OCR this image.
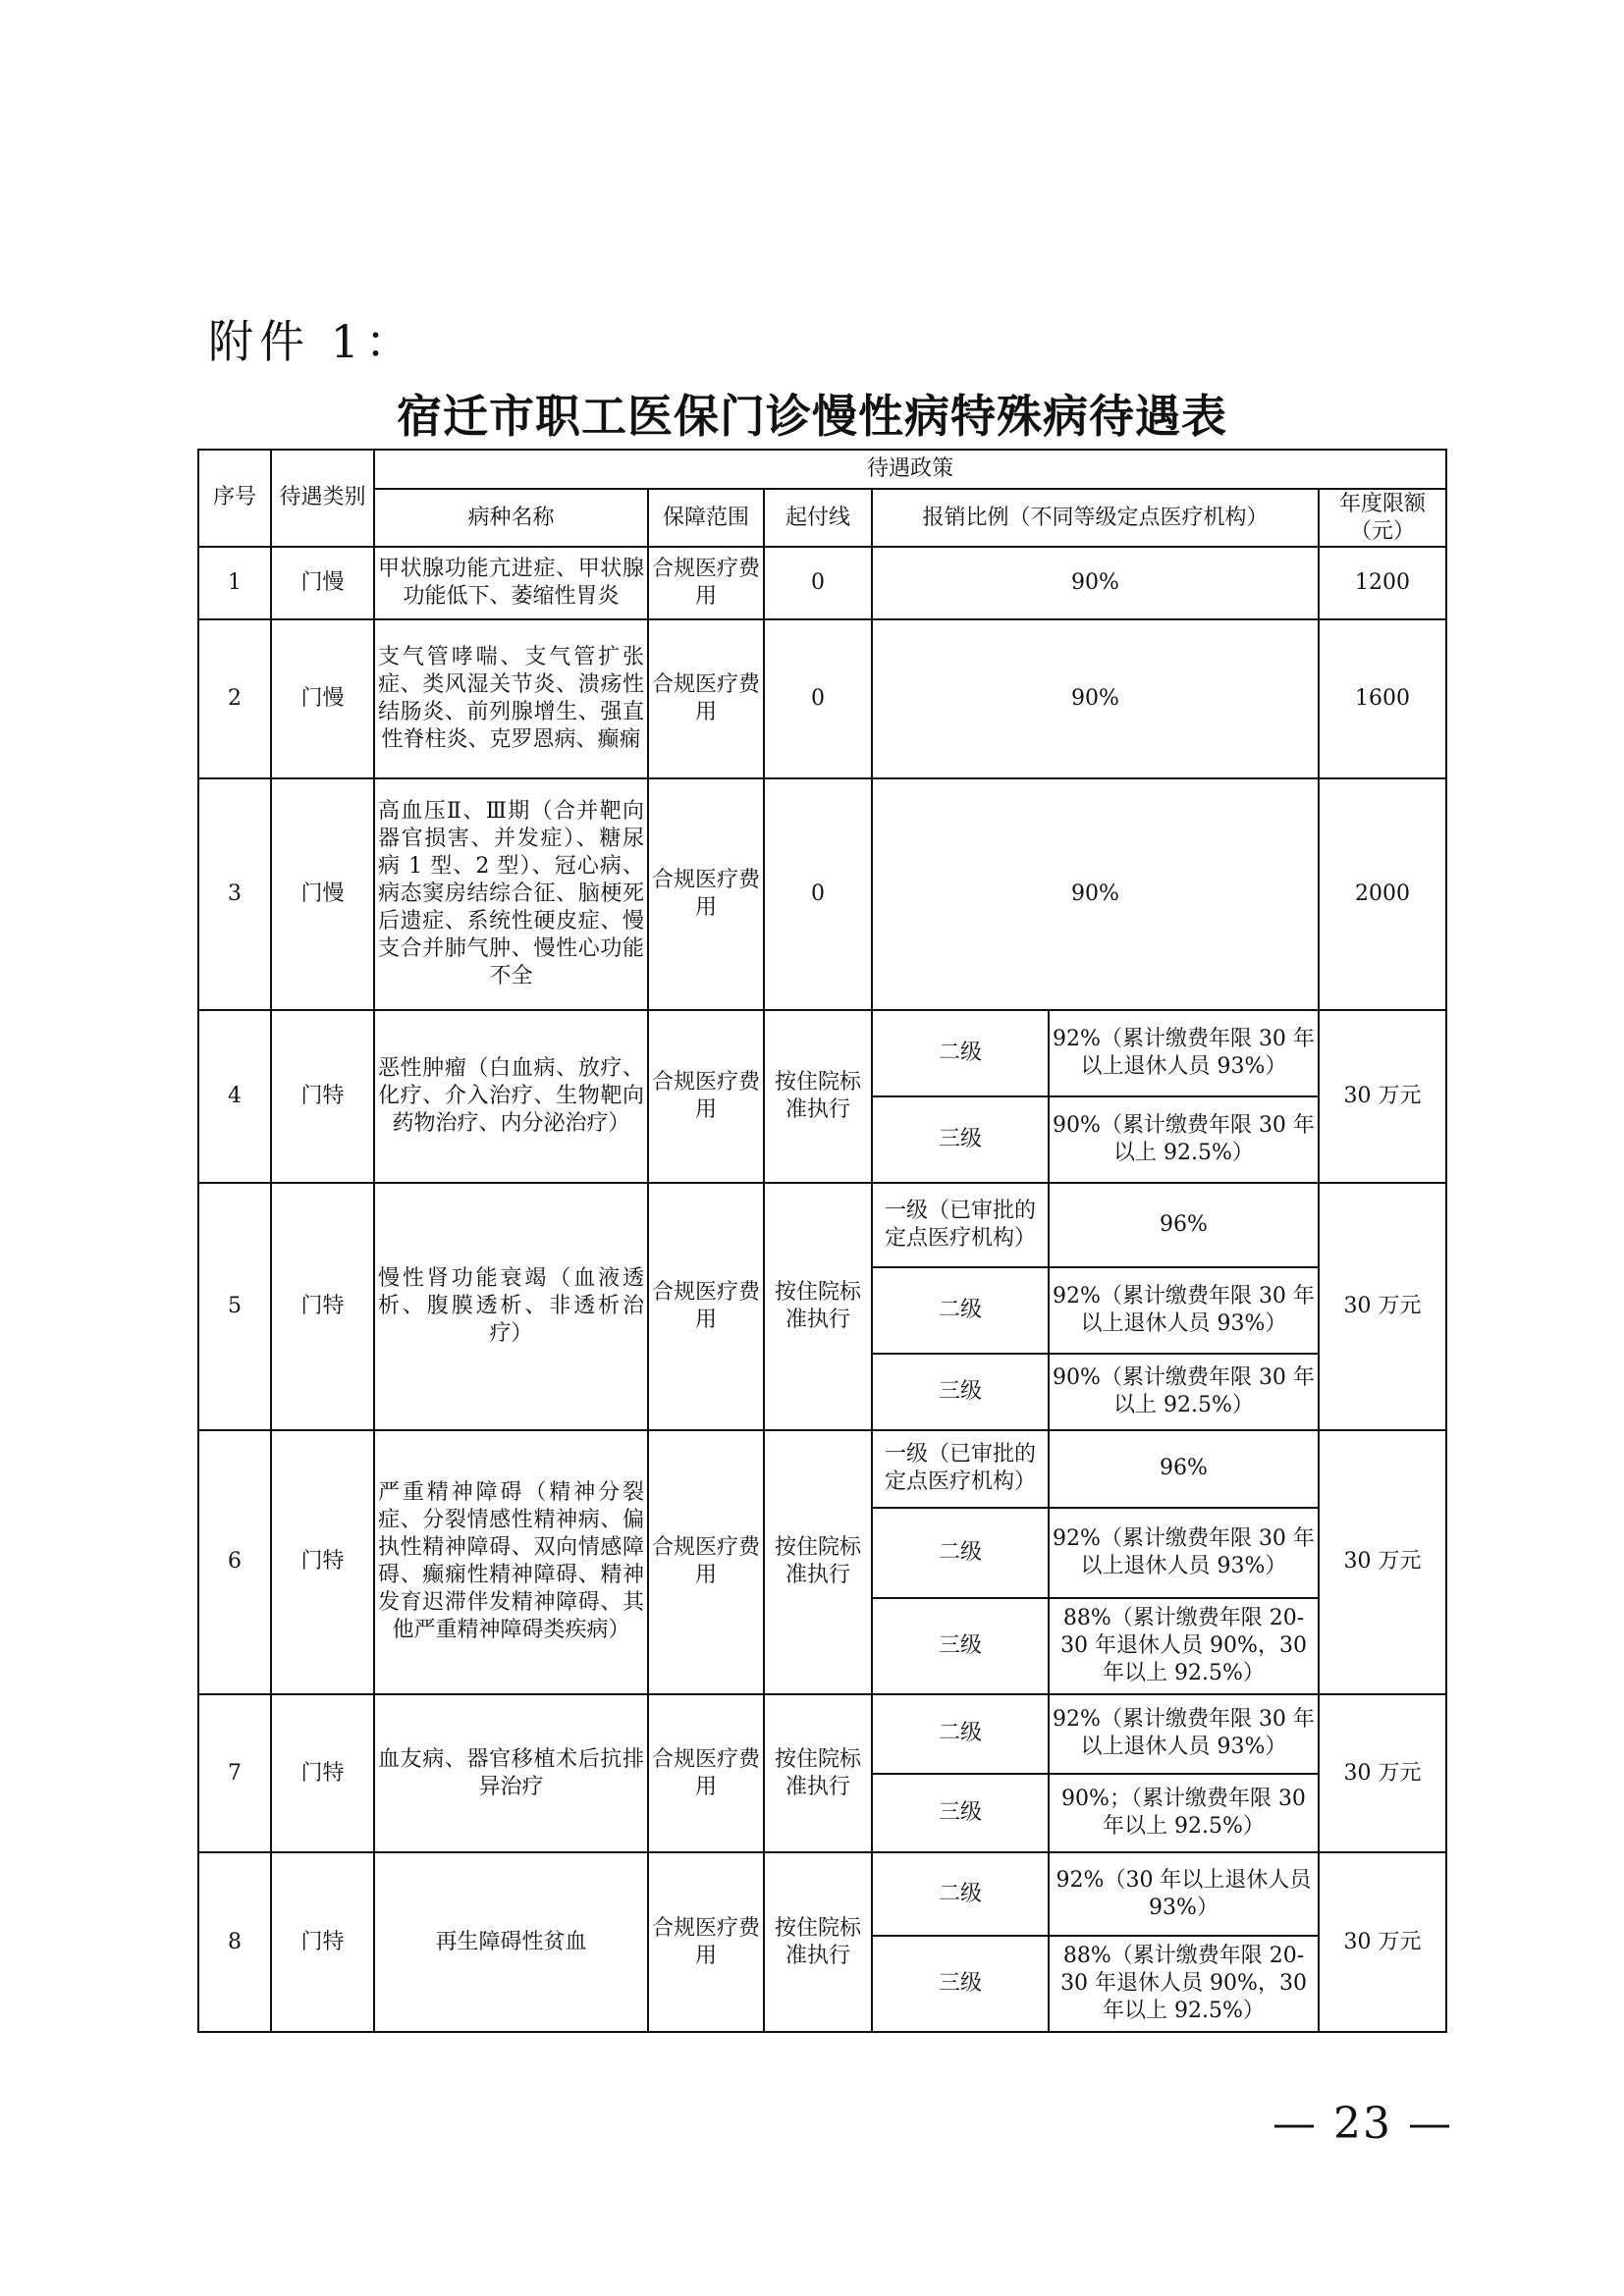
附件 1：
宿迁市职工医保门诊慢性病特殊病待遇表
序号	待遇类别	待遇政策					
		病种名称	保障范围	起付线	报销比例（不同等级定点医疗机构）		年度限额（元）
1	门慢	甲状腺功能亢进症、甲状腺功能低下、萎缩性胃炎	合规医疗费用	0	90%		1200
2	门慢	支气管哮喘、支气管扩张症、类风湿关节炎、溃疡性结肠炎、前列腺增生、强直性脊柱炎、克罗恩病、癫痫	合规医疗费用	0	90%		1600
3	门慢	高血压Ⅱ、Ⅲ期（合并靶向器官损害、并发症）、糖尿病 1 型、2 型）、冠心病、病态窦房结综合征、脑梗死后遗症、系统性硬皮症、慢支合并肺气肿、慢性心功能不全	合规医疗费用	0	90%		2000
4	门特	恶性肿瘤（白血病、放疗、化疗、介入治疗、生物靶向药物治疗、内分泌治疗）	合规医疗费用	按住院标准执行	二级	92%（累计缴费年限 30 年以上退休人员 93%）	30 万元
					三级	90%（累计缴费年限 30 年以上 92.5%）	
5	门特	慢性肾功能衰竭（血液透析、腹膜透析、非透析治疗）	合规医疗费用	按住院标准执行	一级（已审批的定点医疗机构）	96%	30 万元
					二级	92%（累计缴费年限 30 年以上退休人员 93%）	
					三级	90%（累计缴费年限 30 年以上 92.5%）	
6	门特	严重精神障碍（精神分裂症、分裂情感性精神病、偏执性精神障碍、双向情感障碍、癫痫性精神障碍、精神发育迟滞伴发精神障碍、其他严重精神障碍类疾病）	合规医疗费用	按住院标准执行	一级（已审批的定点医疗机构）	96%	30 万元
					二级	92%（累计缴费年限 30 年以上退休人员 93%）	
					三级	88%（累计缴费年限 20-30 年退休人员 90%，30 年以上 92.5%）	
7	门特	血友病、器官移植术后抗排异治疗	合规医疗费用	按住院标准执行	二级	92%（累计缴费年限 30 年以上退休人员 93%）	30 万元
					三级	90%；（累计缴费年限 30 年以上 92.5%）	
8	门特	再生障碍性贫血	合规医疗费用	按住院标准执行	二级	92%（30 年以上退休人员 93%）	30 万元
					三级	88%（累计缴费年限 20-30 年退休人员 90%，30 年以上 92.5%）	
— 23 —
